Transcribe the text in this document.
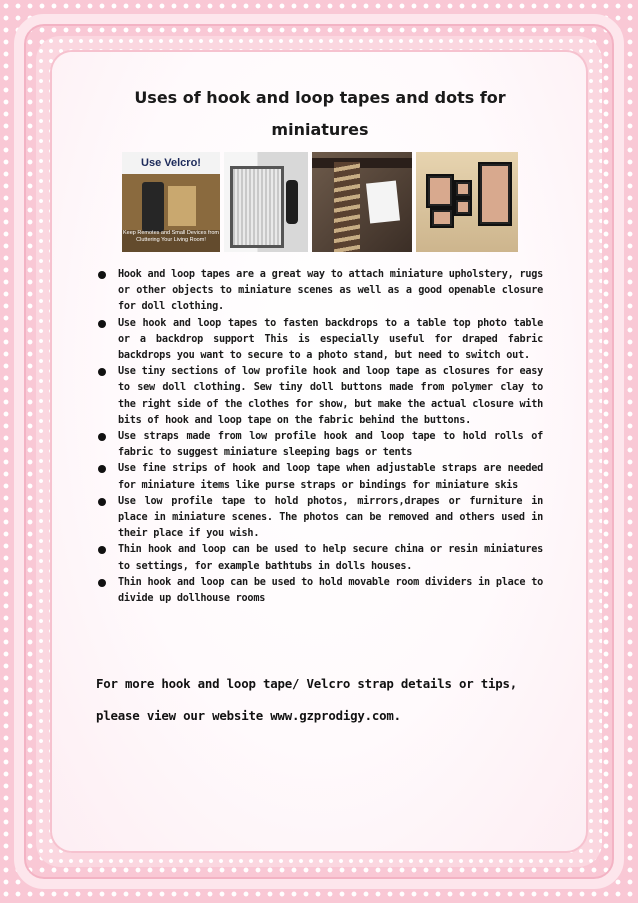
Uses of hook and loop tapes and dots for miniatures
Use Velcro!
Keep Remotes and Small Devices from Cluttering Your Living Room!
Hook and loop tapes are a great way to attach miniature upholstery, rugs or other objects to miniature scenes as well as a good openable closure for doll clothing.
Use hook and loop tapes to fasten backdrops to a table top photo table or a backdrop support This is especially useful for draped fabric backdrops you want to secure to a photo stand, but need to switch out.
Use tiny sections of low profile hook and loop tape as closures for easy to sew doll clothing. Sew tiny doll buttons made from polymer clay to the right side of the clothes for show, but make the actual closure with bits of hook and loop tape on the fabric behind the buttons.
Use straps made from low profile hook and loop tape to hold rolls of fabric to suggest miniature sleeping bags or tents
Use fine strips of hook and loop tape when adjustable straps are needed for miniature items like purse straps or bindings for miniature skis
Use low profile tape to hold photos, mirrors,drapes or furniture in place in miniature scenes. The photos can be removed and others used in their place if you wish.
Thin hook and loop can be used to help secure china or resin miniatures to settings, for example bathtubs in dolls houses.
Thin hook and loop can be used to hold movable room dividers in place to divide up dollhouse rooms

For more hook and loop tape/ Velcro strap details or tips, please view our website www.gzprodigy.com.
